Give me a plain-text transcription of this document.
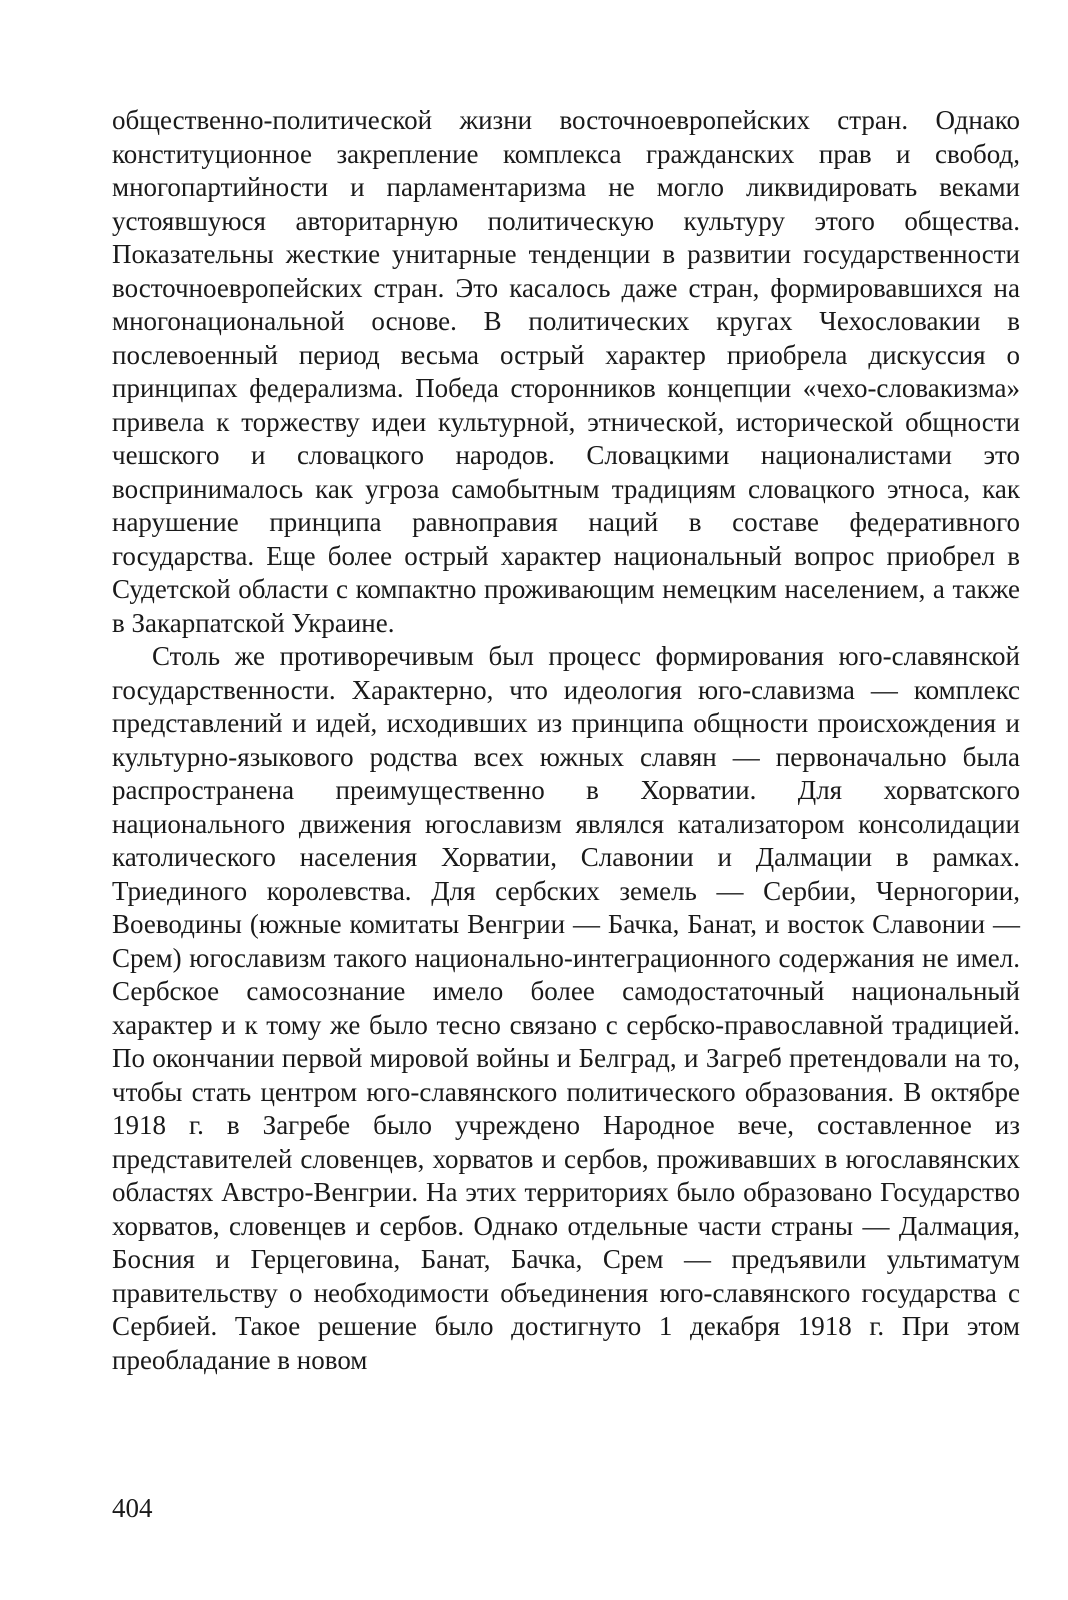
общественно-политической жизни восточноевропейских стран. Однако конституционное закрепление комплекса гражданских прав и свобод, многопартийности и парламентаризма не могло ликвидировать веками устоявшуюся авторитарную политическую культуру этого общества. Показательны жесткие унитарные тенденции в развитии государственности восточноевропейских стран. Это касалось даже стран, формировавшихся на многонациональной основе. В политических кругах Чехословакии в послевоенный период весьма острый характер приобрела дискуссия о принципах федерализма. Победа сторонников концепции «чехо-словакизма» привела к торжеству идеи культурной, этнической, исторической общности чешского и словацкого народов. Словацкими националистами это воспринималось как угроза самобытным традициям словацкого этноса, как нарушение принципа равноправия наций в составе федеративного государства. Еще более острый характер национальный вопрос приобрел в Судетской области с компактно проживающим немецким населением, а также в Закарпатской Украине.

Столь же противоречивым был процесс формирования юго-славянской государственности. Характерно, что идеология юго-славизма — комплекс представлений и идей, исходивших из принципа общности происхождения и культурно-языкового родства всех южных славян — первоначально была распространена преимущественно в Хорватии. Для хорватского национального движения югославизм являлся катализатором консолидации католического населения Хорватии, Славонии и Далмации в рамках. Триединого королевства. Для сербских земель — Сербии, Черногории, Воеводины (южные комитаты Венгрии — Бачка, Банат, и восток Славонии — Срем) югославизм такого национально-интеграционного содержания не имел. Сербское самосознание имело более самодостаточный национальный характер и к тому же было тесно связано с сербско-православной традицией. По окончании первой мировой войны и Белград, и Загреб претендовали на то, чтобы стать центром юго-славянского политического образования. В октябре 1918 г. в Загребе было учреждено Народное вече, составленное из представителей словенцев, хорватов и сербов, проживавших в югославянских областях Австро-Венгрии. На этих территориях было образовано Государство хорватов, словенцев и сербов. Однако отдельные части страны — Далмация, Босния и Герцеговина, Банат, Бачка, Срем — предъявили ультиматум правительству о необходимости объединения юго-славянского государства с Сербией. Такое решение было достигнуто 1 декабря 1918 г. При этом преобладание в новом

404
